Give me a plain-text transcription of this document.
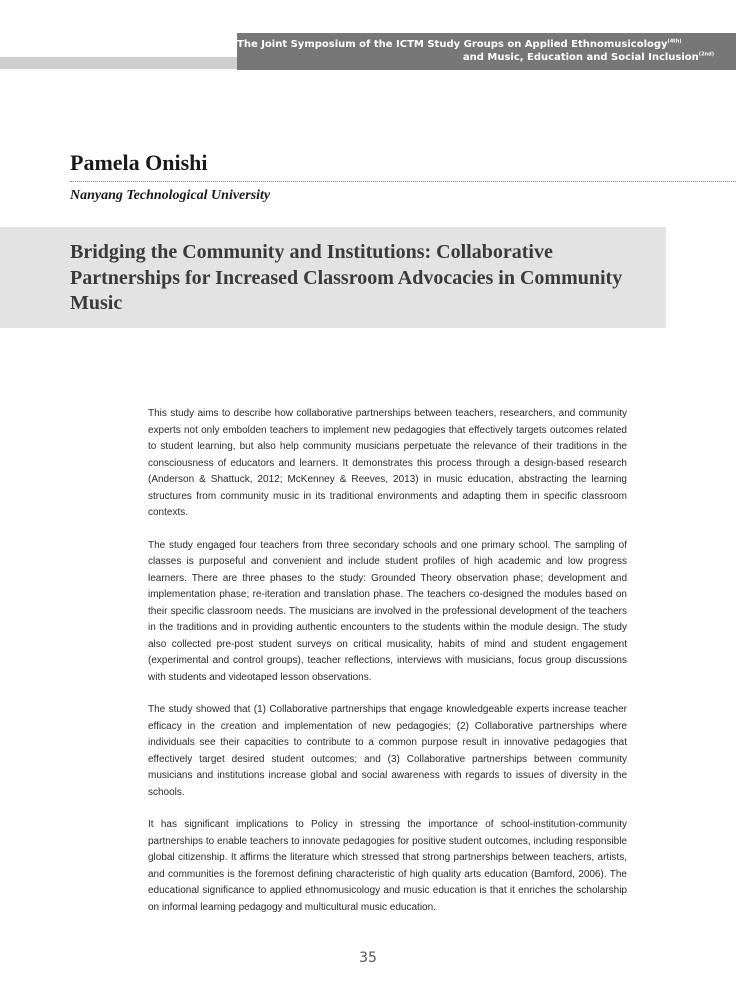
The Joint Symposium of the ICTM Study Groups on Applied Ethnomusicology$^{(4th)}$
and Music, Education and Social Inclusion$^{(2nd)}$
Pamela Onishi
Nanyang Technological University
Bridging the Community and Institutions: Collaborative Partnerships for Increased Classroom Advocacies in Community Music

This study aims to describe how collaborative partnerships between teachers, researchers, and community experts not only embolden teachers to implement new pedagogies that effectively targets outcomes related to student learning, but also help community musicians perpetuate the relevance of their traditions in the consciousness of educators and learners. It demonstrates this process through a design-based research (Anderson & Shattuck, 2012; McKenney & Reeves, 2013) in music education, abstracting the learning structures from community music in its traditional environments and adapting them in specific classroom contexts.

The study engaged four teachers from three secondary schools and one primary school. The sampling of classes is purposeful and convenient and include student profiles of high academic and low progress learners. There are three phases to the study: Grounded Theory observation phase; development and implementation phase; re-iteration and translation phase. The teachers co-designed the modules based on their specific classroom needs. The musicians are involved in the professional development of the teachers in the traditions and in providing authentic encounters to the students within the module design. The study also collected pre-post student surveys on critical musicality, habits of mind and student engagement (experimental and control groups), teacher reflections, interviews with musicians, focus group discussions with students and videotaped lesson observations.

The study showed that (1) Collaborative partnerships that engage knowledgeable experts increase teacher efficacy in the creation and implementation of new pedagogies; (2) Collaborative partnerships where individuals see their capacities to contribute to a common purpose result in innovative pedagogies that effectively target desired student outcomes; and (3) Collaborative partnerships between community musicians and institutions increase global and social awareness with regards to issues of diversity in the schools.

It has significant implications to Policy in stressing the importance of school-institution-community partnerships to enable teachers to innovate pedagogies for positive student outcomes, including responsible global citizenship. It affirms the literature which stressed that strong partnerships between teachers, artists, and communities is the foremost defining characteristic of high quality arts education (Bamford, 2006). The educational significance to applied ethnomusicology and music education is that it enriches the scholarship on informal learning pedagogy and multicultural music education.

35
